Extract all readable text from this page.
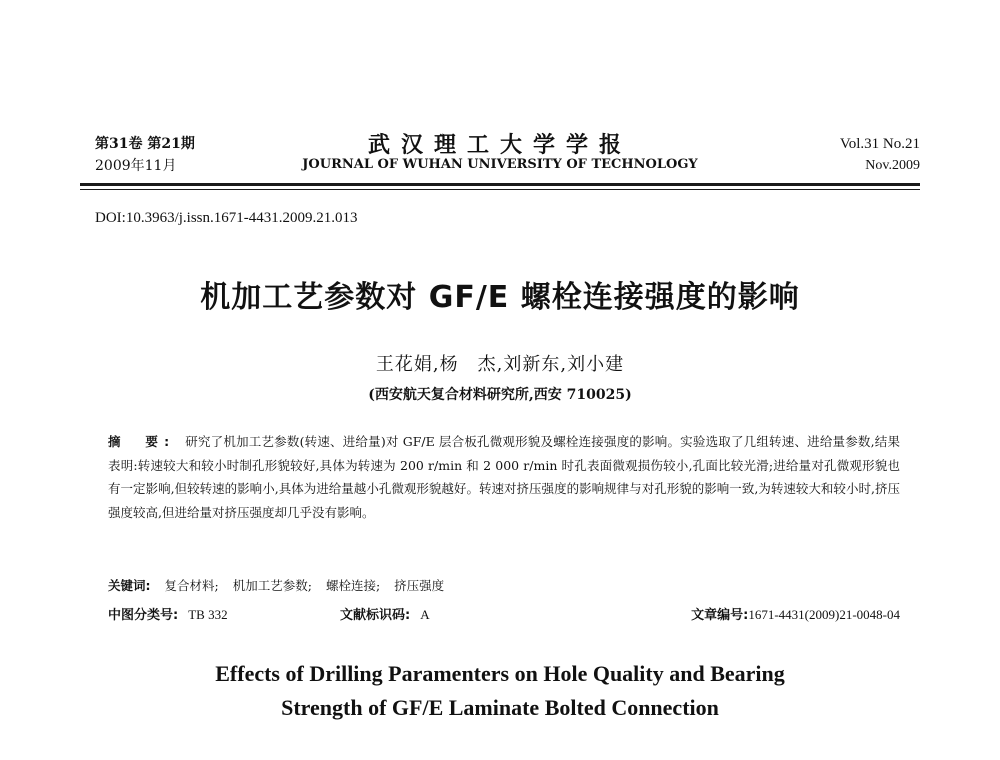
第31卷 第21期
2009年11月
武汉理工大学学报
JOURNAL OF WUHAN UNIVERSITY OF TECHNOLOGY
Vol.31 No.21
Nov.2009
DOI:10.3963/j.issn.1671-4431.2009.21.013
机加工艺参数对 GF/E 螺栓连接强度的影响
王花娟,杨　杰,刘新东,刘小建
(西安航天复合材料研究所,西安 710025)
摘　要: 研究了机加工艺参数(转速、进给量)对 GF/E 层合板孔微观形貌及螺栓连接强度的影响。实验选取了几组转速、进给量参数,结果表明:转速较大和较小时制孔形貌较好,具体为转速为 200 r/min 和 2 000 r/min 时孔表面微观损伤较小,孔面比较光滑;进给量对孔微观形貌也有一定影响,但较转速的影响小,具体为进给量越小孔微观形貌越好。转速对挤压强度的影响规律与对孔形貌的影响一致,为转速较大和较小时,挤压强度较高,但进给量对挤压强度却几乎没有影响。
关键词: 复合材料; 机加工艺参数; 螺栓连接; 挤压强度
中图分类号: TB 332	文献标识码: A	文章编号:1671-4431(2009)21-0048-04
Effects of Drilling Paramenters on Hole Quality and Bearing
Strength of GF/E Laminate Bolted Connection
